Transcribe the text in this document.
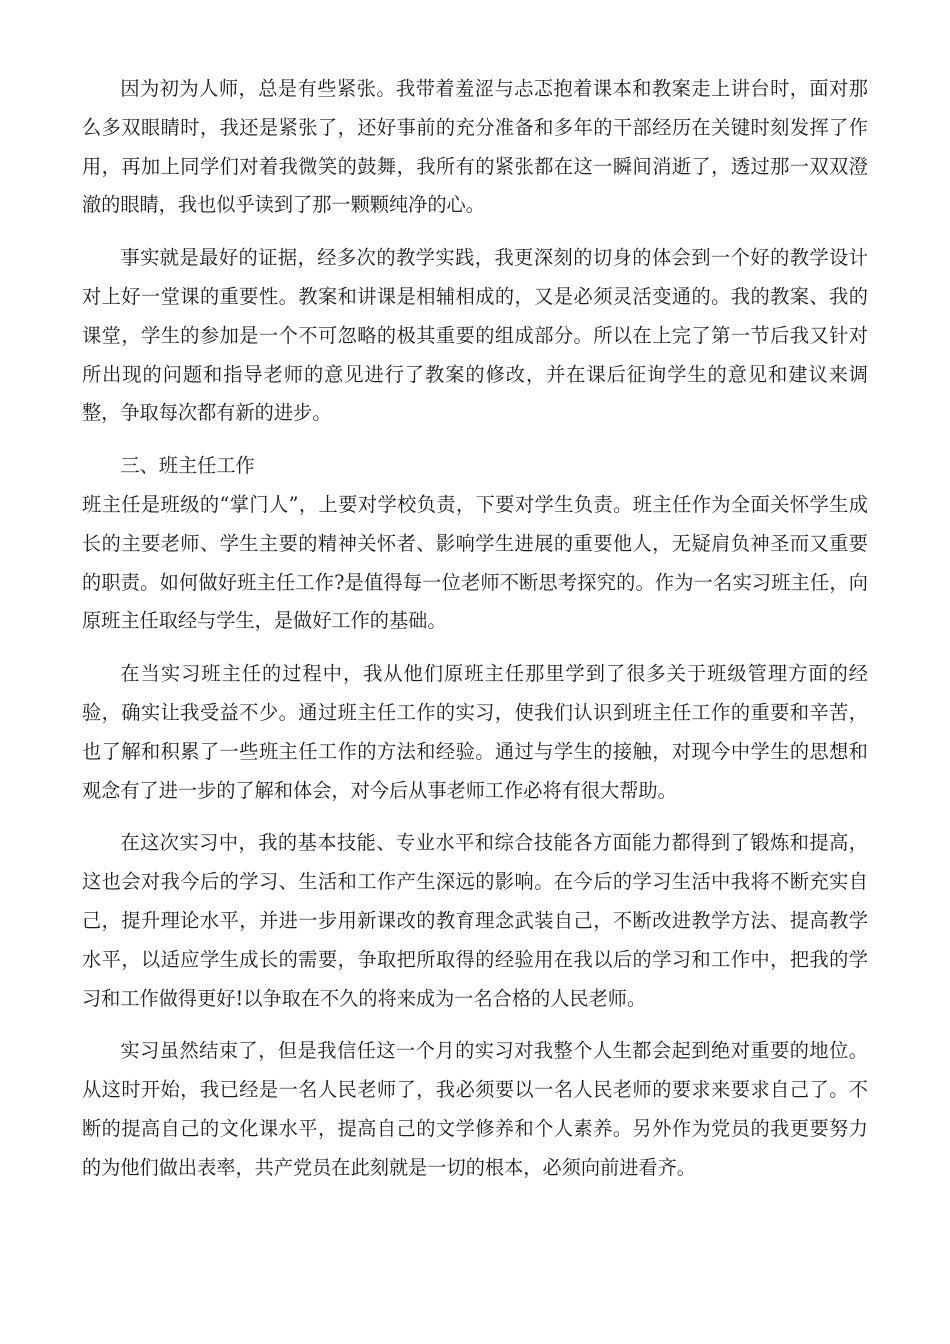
因为初为人师，总是有些紧张。我带着羞涩与忐忑抱着课本和教案走上讲台时，面对那么多双眼睛时，我还是紧张了，还好事前的充分准备和多年的干部经历在关键时刻发挥了作用，再加上同学们对着我微笑的鼓舞，我所有的紧张都在这一瞬间消逝了，透过那一双双澄澈的眼睛，我也似乎读到了那一颗颗纯净的心。

事实就是最好的证据，经多次的教学实践，我更深刻的切身的体会到一个好的教学设计对上好一堂课的重要性。教案和讲课是相辅相成的，又是必须灵活变通的。我的教案、我的课堂，学生的参加是一个不可忽略的极其重要的组成部分。所以在上完了第一节后我又针对所出现的问题和指导老师的意见进行了教案的修改，并在课后征询学生的意见和建议来调整，争取每次都有新的进步。

三、班主任工作

班主任是班级的“掌门人”，上要对学校负责，下要对学生负责。班主任作为全面关怀学生成长的主要老师、学生主要的精神关怀者、影响学生进展的重要他人，无疑肩负神圣而又重要的职责。如何做好班主任工作?是值得每一位老师不断思考探究的。作为一名实习班主任，向原班主任取经与学生，是做好工作的基础。

在当实习班主任的过程中，我从他们原班主任那里学到了很多关于班级管理方面的经验，确实让我受益不少。通过班主任工作的实习，使我们认识到班主任工作的重要和辛苦，也了解和积累了一些班主任工作的方法和经验。通过与学生的接触，对现今中学生的思想和观念有了进一步的了解和体会，对今后从事老师工作必将有很大帮助。

在这次实习中，我的基本技能、专业水平和综合技能各方面能力都得到了锻炼和提高，这也会对我今后的学习、生活和工作产生深远的影响。在今后的学习生活中我将不断充实自己，提升理论水平，并进一步用新课改的教育理念武装自己，不断改进教学方法、提高教学水平，以适应学生成长的需要，争取把所取得的经验用在我以后的学习和工作中，把我的学习和工作做得更好!以争取在不久的将来成为一名合格的人民老师。

实习虽然结束了，但是我信任这一个月的实习对我整个人生都会起到绝对重要的地位。从这时开始，我已经是一名人民老师了，我必须要以一名人民老师的要求来要求自己了。不断的提高自己的文化课水平，提高自己的文学修养和个人素养。另外作为党员的我更要努力的为他们做出表率，共产党员在此刻就是一切的根本，必须向前进看齐。
